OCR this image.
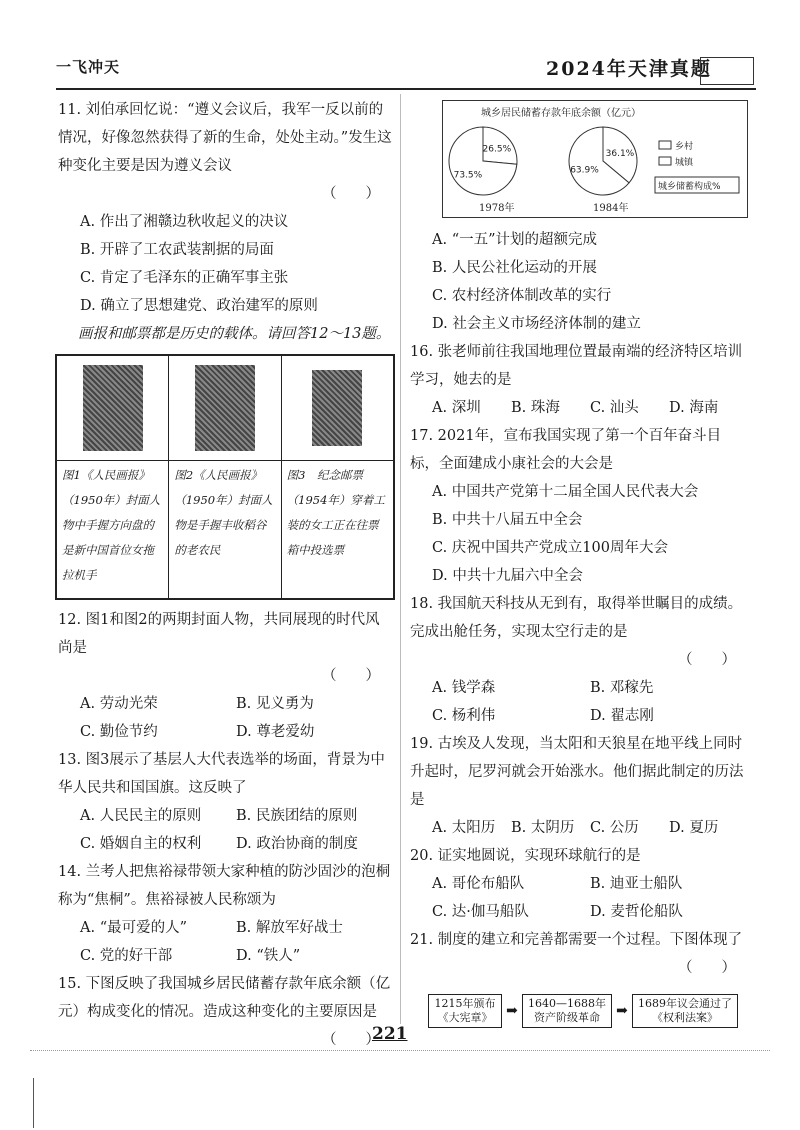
一飞冲天	2024年天津真题

11. 刘伯承回忆说：“遵义会议后，我军一反以前的情况，好像忽然获得了新的生命，处处主动。”发生这种变化主要是因为遵义会议

（　　）
A. 作出了湘赣边秋收起义的决议
B. 开辟了工农武装割据的局面
C. 肯定了毛泽东的正确军事主张
D. 确立了思想建党、政治建军的原则
画报和邮票都是历史的载体。请回答12～13题。
图1《人民画报》（1950年）封面人物中手握方向盘的是新中国首位女拖拉机手
图2《人民画报》（1950年）封面人物是手握丰收稻谷的老农民
图3　纪念邮票（1954年）穿着工装的女工正在往票箱中投选票

12. 图1和图2的两期封面人物，共同展现的时代风尚是

（　　）
A. 劳动光荣	B. 见义勇为
C. 勤俭节约	D. 尊老爱幼

13. 图3展示了基层人大代表选举的场面，背景为中华人民共和国国旗。这反映了

A. 人民民主的原则	B. 民族团结的原则
C. 婚姻自主的权利	D. 政治协商的制度

14. 兰考人把焦裕禄带领大家种植的防沙固沙的泡桐称为“焦桐”。焦裕禄被人民称颂为

A. “最可爱的人”	B. 解放军好战士
C. 党的好干部	D. “铁人”

15. 下图反映了我国城乡居民储蓄存款年底余额（亿元）构成变化的情况。造成这种变化的主要原因是

（　　）
城乡居民储蓄存款年底余额（亿元）
26.5%
73.5%
36.1%
63.9%
1978年	1984年
乡村
城镇
城乡储蓄构成%
A. “一五”计划的超额完成
B. 人民公社化运动的开展
C. 农村经济体制改革的实行
D. 社会主义市场经济体制的建立

16. 张老师前往我国地理位置最南端的经济特区培训学习，她去的是

A. 深圳	B. 珠海	C. 汕头	D. 海南

17. 2021年，宣布我国实现了第一个百年奋斗目标，全面建成小康社会的大会是

A. 中国共产党第十二届全国人民代表大会
B. 中共十八届五中全会
C. 庆祝中国共产党成立100周年大会
D. 中共十九届六中全会

18. 我国航天科技从无到有，取得举世瞩目的成绩。完成出舱任务，实现太空行走的是

（　　）
A. 钱学森	B. 邓稼先
C. 杨利伟	D. 翟志刚

19. 古埃及人发现，当太阳和天狼星在地平线上同时升起时，尼罗河就会开始涨水。他们据此制定的历法是

A. 太阳历	B. 太阴历	C. 公历	D. 夏历

20. 证实地圆说，实现环球航行的是

A. 哥伦布船队	B. 迪亚士船队
C. 达·伽马船队	D. 麦哲伦船队

21. 制度的建立和完善都需要一个过程。下图体现了

（　　）
1215年颁布《大宪章》 ➡ 1640—1688年资产阶级革命	➡ 1689年议会通过了《权利法案》
221
